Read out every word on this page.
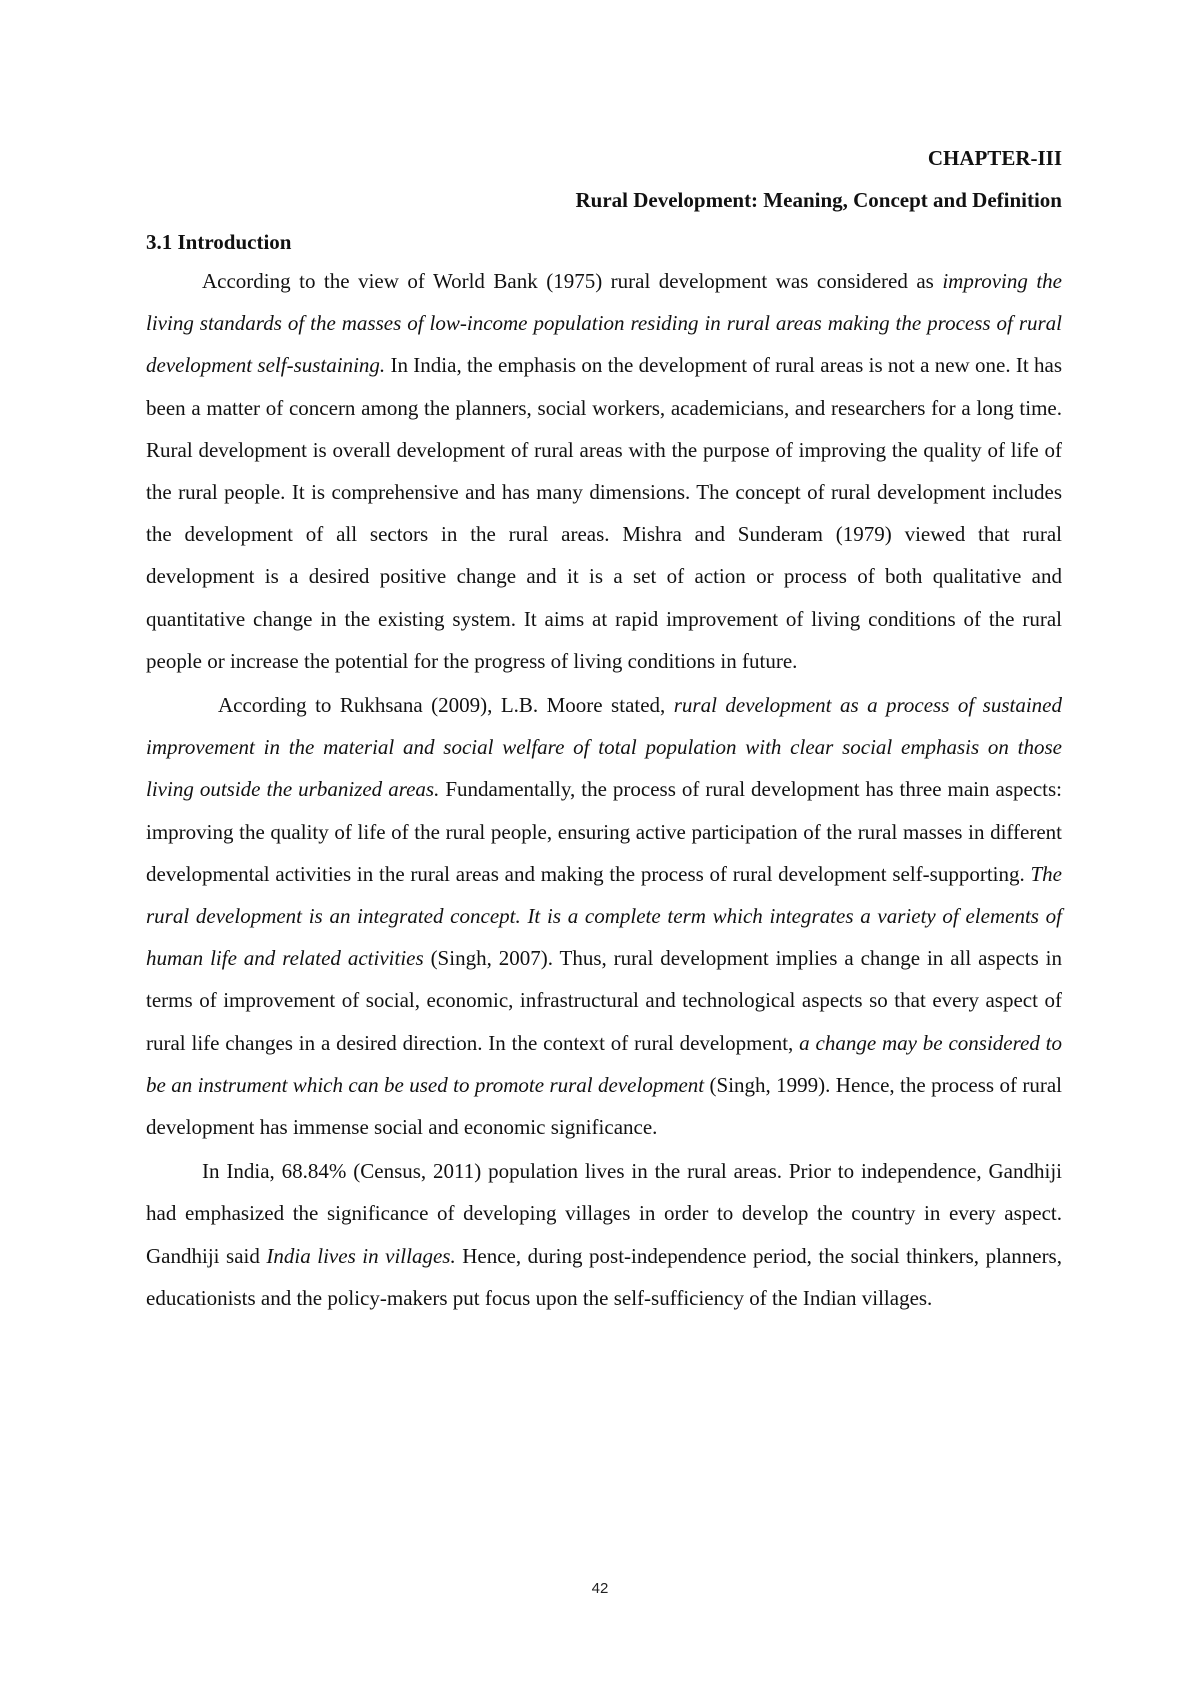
CHAPTER-III

Rural Development: Meaning, Concept and Definition

3.1 Introduction

According to the view of World Bank (1975) rural development was considered as improving the living standards of the masses of low-income population residing in rural areas making the process of rural development self-sustaining. In India, the emphasis on the development of rural areas is not a new one. It has been a matter of concern among the planners, social workers, academicians, and researchers for a long time. Rural development is overall development of rural areas with the purpose of improving the quality of life of the rural people. It is comprehensive and has many dimensions. The concept of rural development includes the development of all sectors in the rural areas. Mishra and Sunderam (1979) viewed that rural development is a desired positive change and it is a set of action or process of both qualitative and quantitative change in the existing system. It aims at rapid improvement of living conditions of the rural people or increase the potential for the progress of living conditions in future.

According to Rukhsana (2009), L.B. Moore stated, rural development as a process of sustained improvement in the material and social welfare of total population with clear social emphasis on those living outside the urbanized areas. Fundamentally, the process of rural development has three main aspects: improving the quality of life of the rural people, ensuring active participation of the rural masses in different developmental activities in the rural areas and making the process of rural development self-supporting. The rural development is an integrated concept. It is a complete term which integrates a variety of elements of human life and related activities (Singh, 2007). Thus, rural development implies a change in all aspects in terms of improvement of social, economic, infrastructural and technological aspects so that every aspect of rural life changes in a desired direction. In the context of rural development, a change may be considered to be an instrument which can be used to promote rural development (Singh, 1999). Hence, the process of rural development has immense social and economic significance.

In India, 68.84% (Census, 2011) population lives in the rural areas. Prior to independence, Gandhiji had emphasized the significance of developing villages in order to develop the country in every aspect. Gandhiji said India lives in villages. Hence, during post-independence period, the social thinkers, planners, educationists and the policy-makers put focus upon the self-sufficiency of the Indian villages.

42
